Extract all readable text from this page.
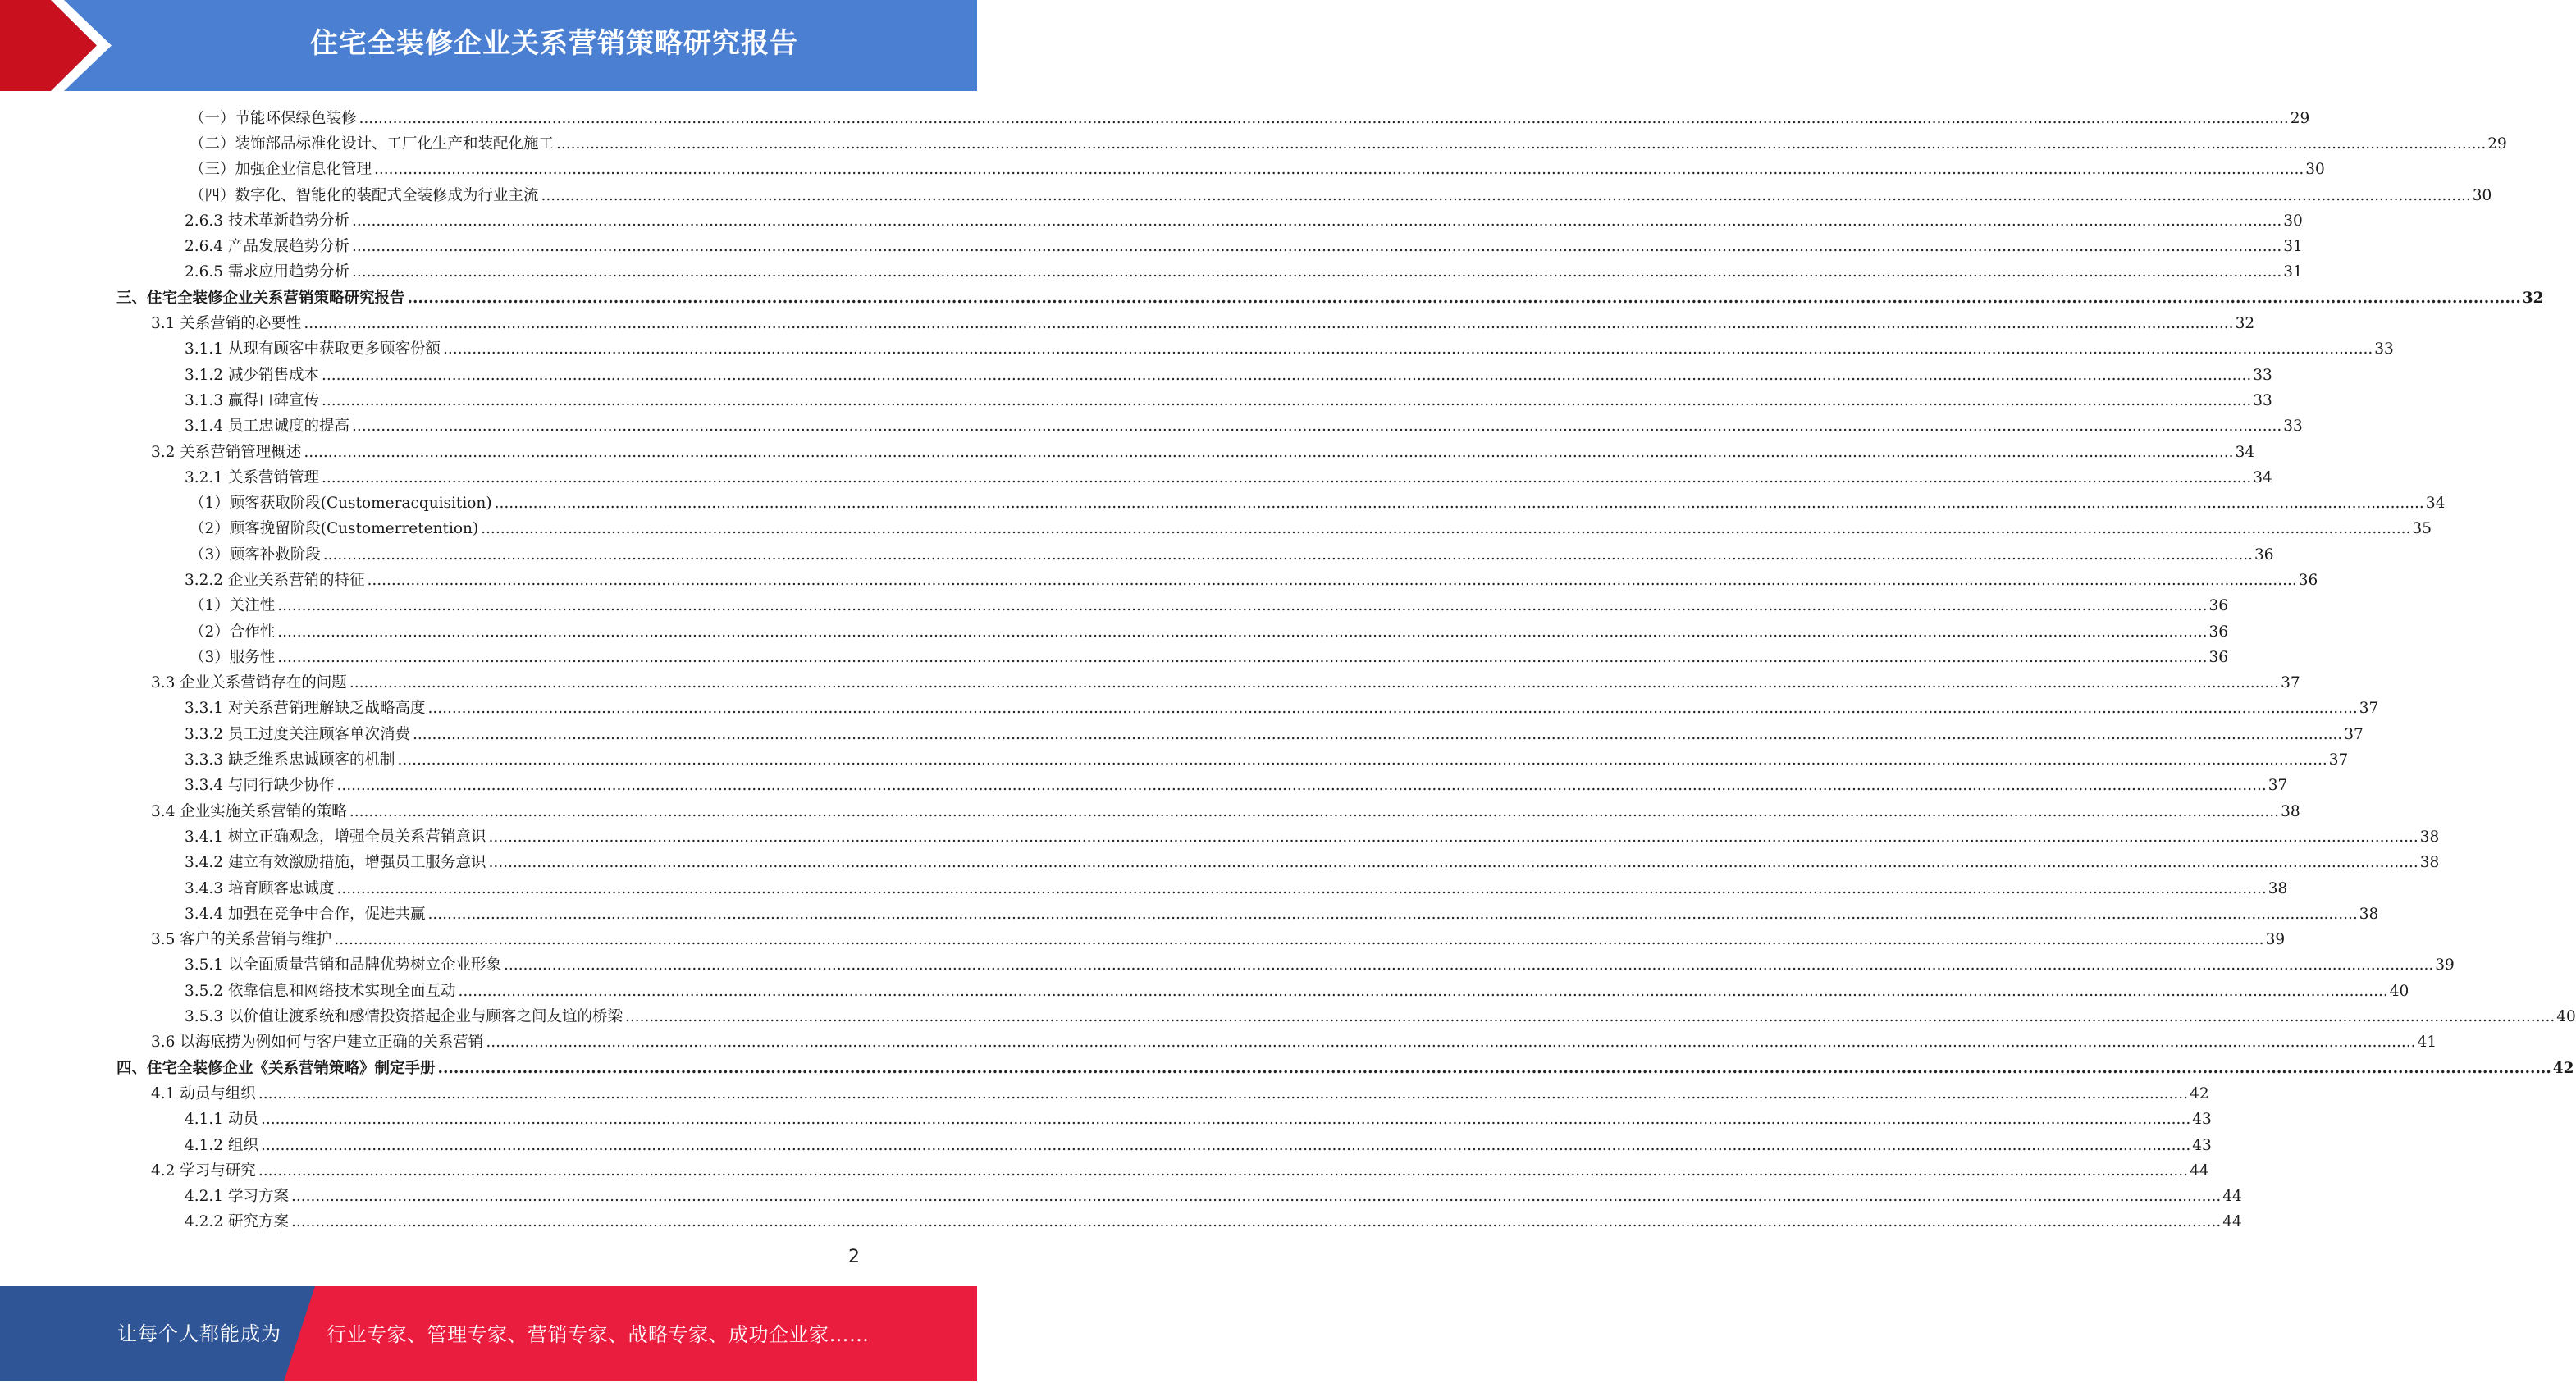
住宅全装修企业关系营销策略研究报告
（一）节能环保绿色装修 ................................................................................................................................................................................................................................................................................................................................................................................................................ 29
（二）装饰部品标准化设计、工厂化生产和装配化施工 ................................................................................................................................................................................................................................................................................................................................................................................................................ 29
（三）加强企业信息化管理 ................................................................................................................................................................................................................................................................................................................................................................................................................ 30
（四）数字化、智能化的装配式全装修成为行业主流 ................................................................................................................................................................................................................................................................................................................................................................................................................ 30
2.6.3 技术革新趋势分析 ................................................................................................................................................................................................................................................................................................................................................................................................................ 30
2.6.4 产品发展趋势分析 ................................................................................................................................................................................................................................................................................................................................................................................................................ 31
2.6.5 需求应用趋势分析 ................................................................................................................................................................................................................................................................................................................................................................................................................ 31
三、住宅全装修企业关系营销策略研究报告 ................................................................................................................................................................................................................................................................................................................................................................................................................ 32
3.1 关系营销的必要性 ................................................................................................................................................................................................................................................................................................................................................................................................................ 32
3.1.1 从现有顾客中获取更多顾客份额 ................................................................................................................................................................................................................................................................................................................................................................................................................ 33
3.1.2 减少销售成本 ................................................................................................................................................................................................................................................................................................................................................................................................................ 33
3.1.3 赢得口碑宣传 ................................................................................................................................................................................................................................................................................................................................................................................................................ 33
3.1.4 员工忠诚度的提高 ................................................................................................................................................................................................................................................................................................................................................................................................................ 33
3.2 关系营销管理概述 ................................................................................................................................................................................................................................................................................................................................................................................................................ 34
3.2.1 关系营销管理 ................................................................................................................................................................................................................................................................................................................................................................................................................ 34
（1）顾客获取阶段(Customeracquisition) ................................................................................................................................................................................................................................................................................................................................................................................................................ 34
（2）顾客挽留阶段(Customerretention) ................................................................................................................................................................................................................................................................................................................................................................................................................ 35
（3）顾客补救阶段 ................................................................................................................................................................................................................................................................................................................................................................................................................ 36
3.2.2 企业关系营销的特征 ................................................................................................................................................................................................................................................................................................................................................................................................................ 36
（1）关注性 ................................................................................................................................................................................................................................................................................................................................................................................................................ 36
（2）合作性 ................................................................................................................................................................................................................................................................................................................................................................................................................ 36
（3）服务性 ................................................................................................................................................................................................................................................................................................................................................................................................................ 36
3.3 企业关系营销存在的问题 ................................................................................................................................................................................................................................................................................................................................................................................................................ 37
3.3.1 对关系营销理解缺乏战略高度 ................................................................................................................................................................................................................................................................................................................................................................................................................ 37
3.3.2 员工过度关注顾客单次消费 ................................................................................................................................................................................................................................................................................................................................................................................................................ 37
3.3.3 缺乏维系忠诚顾客的机制 ................................................................................................................................................................................................................................................................................................................................................................................................................ 37
3.3.4 与同行缺少协作 ................................................................................................................................................................................................................................................................................................................................................................................................................ 37
3.4 企业实施关系营销的策略 ................................................................................................................................................................................................................................................................................................................................................................................................................ 38
3.4.1 树立正确观念，增强全员关系营销意识 ................................................................................................................................................................................................................................................................................................................................................................................................................ 38
3.4.2 建立有效激励措施，增强员工服务意识 ................................................................................................................................................................................................................................................................................................................................................................................................................ 38
3.4.3 培育顾客忠诚度 ................................................................................................................................................................................................................................................................................................................................................................................................................ 38
3.4.4 加强在竞争中合作，促进共赢 ................................................................................................................................................................................................................................................................................................................................................................................................................ 38
3.5 客户的关系营销与维护 ................................................................................................................................................................................................................................................................................................................................................................................................................ 39
3.5.1 以全面质量营销和品牌优势树立企业形象 ................................................................................................................................................................................................................................................................................................................................................................................................................ 39
3.5.2 依靠信息和网络技术实现全面互动 ................................................................................................................................................................................................................................................................................................................................................................................................................ 40
3.5.3 以价值让渡系统和感情投资搭起企业与顾客之间友谊的桥梁 ................................................................................................................................................................................................................................................................................................................................................................................................................ 40
3.6 以海底捞为例如何与客户建立正确的关系营销 ................................................................................................................................................................................................................................................................................................................................................................................................................ 41
四、住宅全装修企业《关系营销策略》制定手册 ................................................................................................................................................................................................................................................................................................................................................................................................................ 42
4.1 动员与组织 ................................................................................................................................................................................................................................................................................................................................................................................................................ 42
4.1.1 动员 ................................................................................................................................................................................................................................................................................................................................................................................................................ 43
4.1.2 组织 ................................................................................................................................................................................................................................................................................................................................................................................................................ 43
4.2 学习与研究 ................................................................................................................................................................................................................................................................................................................................................................................................................ 44
4.2.1 学习方案 ................................................................................................................................................................................................................................................................................................................................................................................................................ 44
4.2.2 研究方案 ................................................................................................................................................................................................................................................................................................................................................................................................................ 44
2
让每个人都能成为 行业专家、管理专家、营销专家、战略专家、成功企业家……
